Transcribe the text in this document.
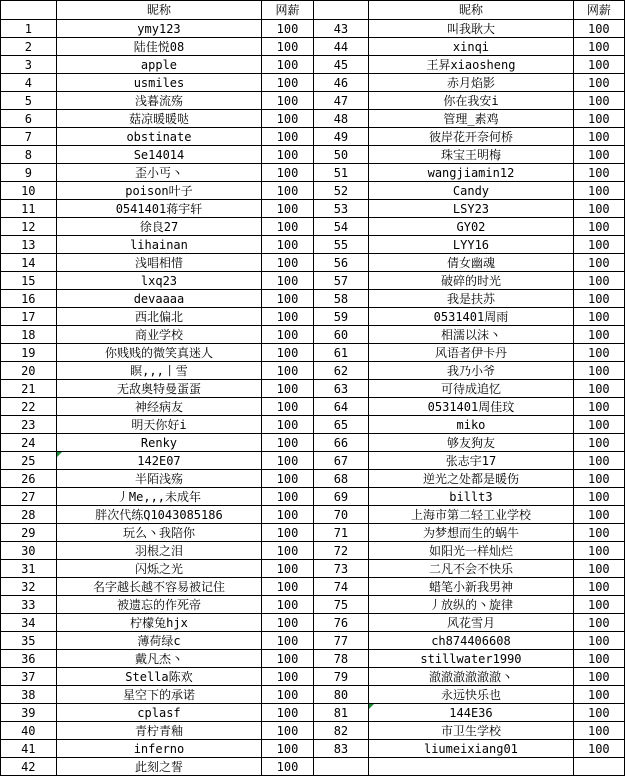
	昵称	网薪		昵称	网薪
1	ymy123	100	43	叫我耿大	100
2	陆佳悦08	100	44	xinqi	100
3	apple	100	45	王昇xiaosheng	100
4	usmiles	100	46	赤月焰影	100
5	浅暮流殇	100	47	你在我安i	100
6	菇凉暖暖哒	100	48	管理_素鸡	100
7	obstinate	100	49	彼岸花开奈何桥	100
8	Se14014	100	50	珠宝王明梅	100
9	歪小丐丶	100	51	wangjiamin12	100
10	poison叶子	100	52	Candy	100
11	0541401蒋宇轩	100	53	LSY23	100
12	徐良27	100	54	GY02	100
13	lihainan	100	55	LYY16	100
14	浅唱相惜	100	56	倩女幽魂	100
15	lxq23	100	57	破碎的时光	100
16	devaaaa	100	58	我是扶苏	100
17	西北偏北	100	59	0531401周雨	100
18	商业学校	100	60	相濡以沫丶	100
19	你贱贱的微笑真迷人	100	61	风语者伊卡丹	100
20	瞑,,,丨雪	100	62	我乃小爷	100
21	无敌奥特曼蛋蛋	100	63	可待成追忆	100
22	神经病友	100	64	0531401周佳玟	100
23	明天你好i	100	65	miko	100
24	Renky	100	66	够友狗友	100
25	142E07	100	67	张志宇17	100
26	半陌浅殇	100	68	逆光之处都是暖伤	100
27	丿Me,,,未成年	100	69	billt3	100
28	胖次代练Q1043085186	100	70	上海市第二轻工业学校	100
29	玩么丶我陪你	100	71	为梦想而生的蜗牛	100
30	羽根之泪	100	72	如阳光一样灿烂	100
31	闪烁之光	100	73	二凡不会不快乐	100
32	名字越长越不容易被记住	100	74	蜡笔小新我男神	100
33	被遗忘的作死帝	100	75	丿放纵的丶旋律	100
34	柠檬兔hjx	100	76	风花雪月	100
35	薄荷绿c	100	77	ch874406608	100
36	戴凡杰丶	100	78	stillwater1990	100
37	Stella陈欢	100	79	澈澈澈澈澈澈丶	100
38	星空下的承诺	100	80	永远快乐也	100
39	cplasf	100	81	144E36	100
40	青柠青釉	100	82	市卫生学校	100
41	inferno	100	83	liumeixiang01	100
42	此刻之誓	100			
